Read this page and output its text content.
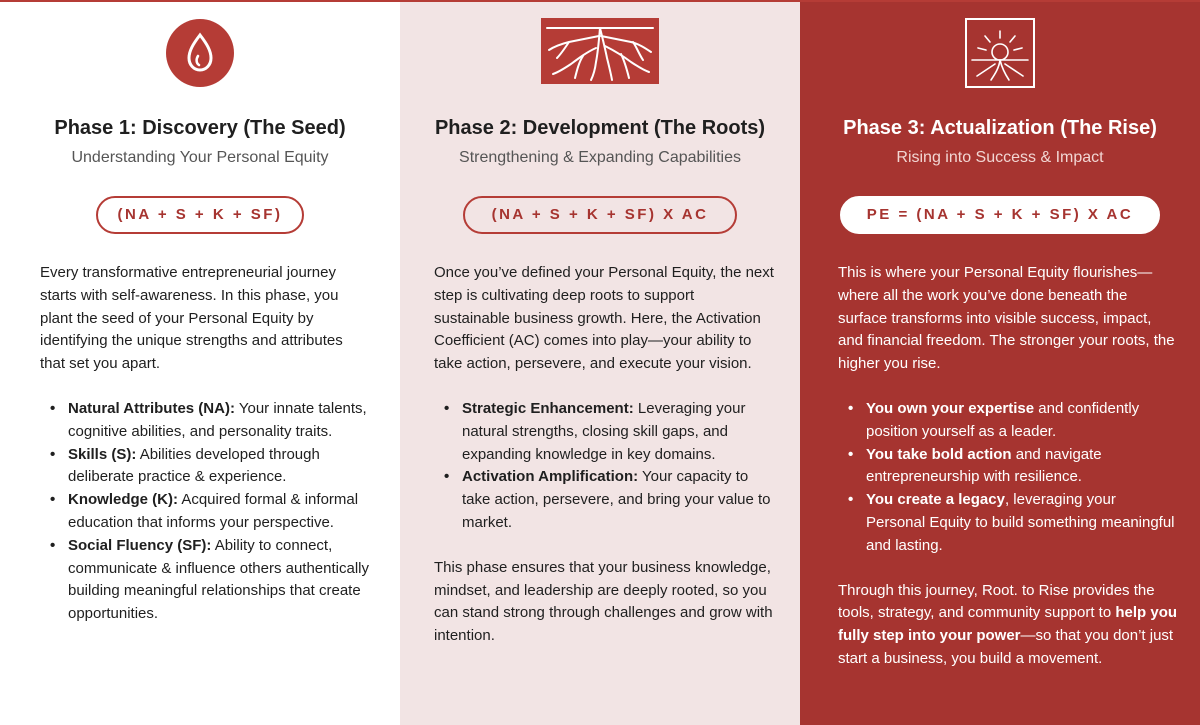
Phase 1: Discovery (The Seed)
Understanding Your Personal Equity
(NA + S + K + SF)

Every transformative entrepreneurial journey starts with self-awareness. In this phase, you plant the seed of your Personal Equity by identifying the unique strengths and attributes that set you apart.

• Natural Attributes (NA): Your innate talents, cognitive abilities, and personality traits.
• Skills (S): Abilities developed through deliberate practice & experience.
• Knowledge (K): Acquired formal & informal education that informs your perspective.
• Social Fluency (SF): Ability to connect, communicate & influence others authentically building meaningful relationships that create opportunities.
Phase 2: Development (The Roots)
Strengthening & Expanding Capabilities
(NA + S + K + SF) X AC

Once you’ve defined your Personal Equity, the next step is cultivating deep roots to support sustainable business growth. Here, the Activation Coefficient (AC) comes into play—your ability to take action, persevere, and execute your vision.

• Strategic Enhancement: Leveraging your natural strengths, closing skill gaps, and expanding knowledge in key domains.
• Activation Amplification: Your capacity to take action, persevere, and bring your value to market.

This phase ensures that your business knowledge, mindset, and leadership are deeply rooted, so you can stand strong through challenges and grow with intention.

Phase 3: Actualization (The Rise)
Rising into Success & Impact
PE = (NA + S + K + SF) X AC

This is where your Personal Equity flourishes—where all the work you’ve done beneath the surface transforms into visible success, impact, and financial freedom. The stronger your roots, the higher you rise.

• You own your expertise and confidently position yourself as a leader.
• You take bold action and navigate entrepreneurship with resilience.
• You create a legacy, leveraging your Personal Equity to build something meaningful and lasting.

Through this journey, Root. to Rise provides the tools, strategy, and community support to help you fully step into your power—so that you don’t just start a business, you build a movement.
